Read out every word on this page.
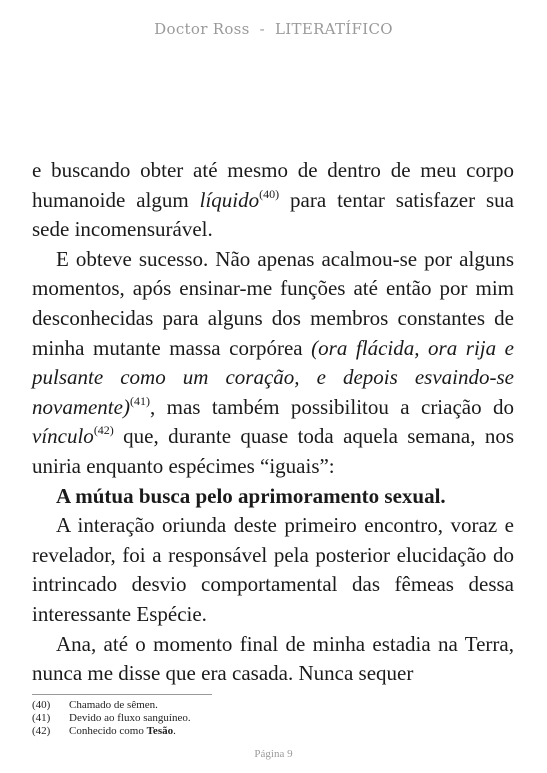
Doctor Ross - LITERATÍFICO

e buscando obter até mesmo de dentro de meu corpo humanoide algum líquido$^{(40)}$ para tentar satisfazer sua sede incomensurável.

E obteve sucesso. Não apenas acalmou-se por alguns momentos, após ensinar-me funções até então por mim desconhecidas para alguns dos membros constantes de minha mutante massa corpórea (ora flácida, ora rija e pulsante como um coração, e depois esvaindo-se novamente)$^{(41)}$, mas também possibilitou a criação do vínculo$^{(42)}$ que, durante quase toda aquela semana, nos uniria enquanto espécimes “iguais”:

A mútua busca pelo aprimoramento sexual.

A interação oriunda deste primeiro encontro, voraz e revelador, foi a responsável pela posterior elucidação do intrincado desvio comportamental das fêmeas dessa interessante Espécie.

Ana, até o momento final de minha estadia na Terra, nunca me disse que era casada. Nunca sequer

(40)	Chamado de sêmen.
(41)	Devido ao fluxo sanguíneo.
(42)	Conhecido como Tesão.
Página 9
